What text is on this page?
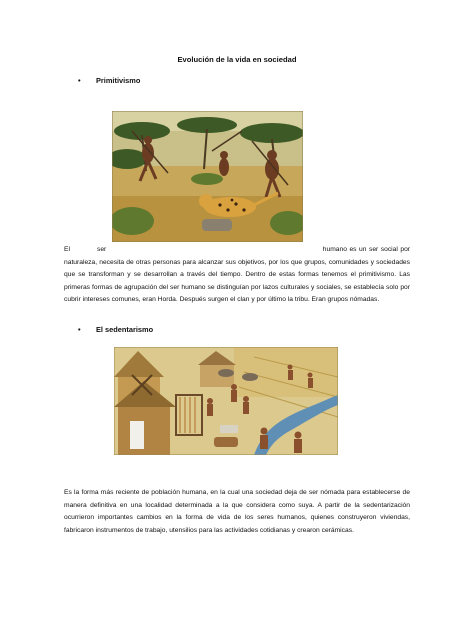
Evolución de la vida en sociedad
• Primitivismo

El	ser	humano es un ser social por naturaleza, necesita de otras personas para alcanzar sus objetivos, por los que grupos, comunidades y sociedades que se transforman y se desarrollan a través del tiempo. Dentro de estas formas tenemos el primitivismo. Las primeras formas de agrupación del ser humano se distinguían por lazos culturales y sociales, se establecía solo por cubrir intereses comunes, eran Horda. Después surgen el clan y por último la tribu. Eran grupos nómadas.

• El sedentarismo

Es la forma más reciente de población humana, en la cual una sociedad deja de ser nómada para establecerse de manera definitiva en una localidad determinada a la que considera como suya. A partir de la sedentarización ocurrieron importantes cambios en la forma de vida de los seres humanos, quienes construyeron viviendas, fabricaron instrumentos de trabajo, utensilios para las actividades cotidianas y crearon cerámicas.
